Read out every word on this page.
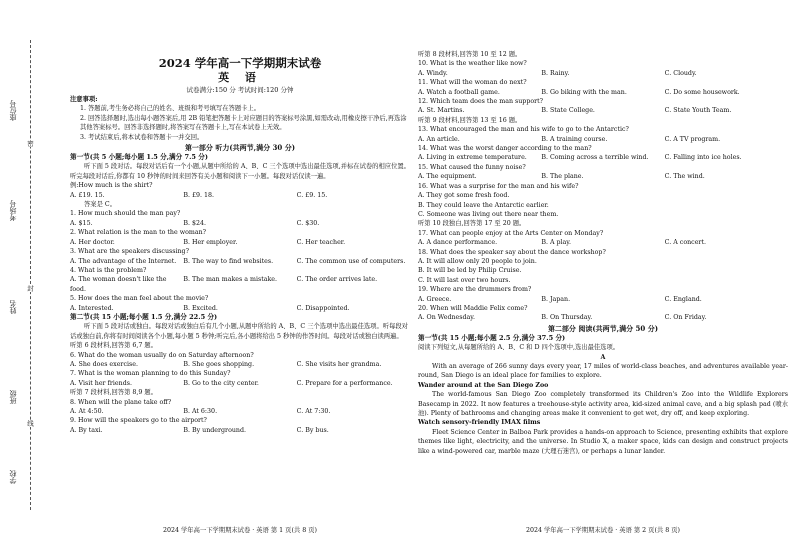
密
封
线
座位号
考场号
姓名
班级
学校
2024 学年高一下学期期末试卷
英 语
试卷满分:150 分 考试时间:120 分钟
注意事项:
1. 答题前,考生务必将自己的姓名、班级和考号填写在答题卡上。
2. 回答选择题时,选出每小题答案后,用 2B 铅笔把答题卡上对应题目的答案标号涂黑,如需改动,用橡皮擦干净后,再选涂其他答案标号。回答非选择题时,将答案写在答题卡上,写在本试卷上无效。
3. 考试结束后,将本试卷和答题卡一并交回。
第一部分 听力(共两节,满分 30 分)
第一节(共 5 小题;每小题 1.5 分,满分 7.5 分)
听下面 5 段对话。每段对话后有一个小题,从题中所给的 A、B、C 三个选项中选出最佳选项,并标在试卷的相应位置。听完每段对话后,你都有 10 秒钟的时间来回答有关小题和阅读下一小题。每段对话仅读一遍。
例:How much is the shirt?
A. £19. 15.	B. £9. 18.	C. £9. 15.
答案是 C。
1. How much should the man pay?
A. $15.	B. $24.	C. $30.
2. What relation is the man to the woman?
A. Her doctor.	B. Her employer.	C. Her teacher.
3. What are the speakers discussing?
A. The advantage of the Internet.	B. The way to find websites.	C. The common use of computers.
4. What is the problem?
A. The woman doesn't like the food.
B. The man makes a mistake.	C. The order arrives late.
5. How does the man feel about the movie?
A. Interested.	B. Excited.	C. Disappointed.
第二节(共 15 小题;每小题 1.5 分,满分 22.5 分)
听下面 5 段对话或独白。每段对话或独白后有几个小题,从题中所给的 A、B、C 三个选项中选出最佳选项。听每段对话或独白前,你将有时间阅读各个小题,每小题 5 秒钟;听完后,各小题将给出 5 秒钟的作答时间。每段对话或独白读两遍。
听第 6 段材料,回答第 6,7 题。
6. What do the woman usually do on Saturday afternoon?
A. She does exercise.	B. She goes shopping.	C. She visits her grandma.
7. What is the woman planning to do this Sunday?
A. Visit her friends.	B. Go to the city center.	C. Prepare for a performance.
听第 7 段材料,回答第 8,9 题。
8. When will the plane take off?
A. At 4:50.	B. At 6:30.	C. At 7:30.
9. How will the speakers go to the airport?
A. By taxi.	B. By underground.	C. By bus.
听第 8 段材料,回答第 10 至 12 题。
10. What is the weather like now?
A. Windy.	B. Rainy.	C. Cloudy.
11. What will the woman do next?
A. Watch a football game.	B. Go biking with the man.	C. Do some housework.
12. Which team does the man support?
A. St. Martins.	B. State College.	C. State Youth Team.
听第 9 段材料,回答第 13 至 16 题。
13. What encouraged the man and his wife to go to the Antarctic?
A. An article.	B. A training course.	C. A TV program.
14. What was the worst danger according to the man?
A. Living in extreme temperature.	B. Coming across a terrible wind.	C. Falling into ice holes.
15. What caused the funny noise?
A. The equipment.	B. The plane.	C. The wind.
16. What was a surprise for the man and his wife?
A. They got some fresh food.
B. They could leave the Antarctic earlier.
C. Someone was living out there near them.
听第 10 段独白,回答第 17 至 20 题。
17. What can people enjoy at the Arts Center on Monday?
A. A dance performance.	B. A play.	C. A concert.
18. What does the speaker say about the dance workshop?
A. It will allow only 20 people to join.
B. It will be led by Philip Cruise.
C. It will last over two hours.
19. Where are the drummers from?
A. Greece.	B. Japan.	C. England.
20. When will Maddie Felix come?
A. On Wednesday.	B. On Thursday.	C. On Friday.
第二部分 阅读(共两节,满分 50 分)
第一节(共 15 小题;每小题 2.5 分,满分 37.5 分)
阅读下列短文,从每题所给的 A、B、C 和 D 四个选项中,选出最佳选项。
A
With an average of 266 sunny days every year, 17 miles of world-class beaches, and adventures available year-round, San Diego is an ideal place for families to explore.
Wander around at the San Diego Zoo
The world-famous San Diego Zoo completely transformed its Children's Zoo into the Wildlife Explorers Basecamp in 2022. It now features a treehouse-style activity area, kid-sized animal cave, and a big splash pad (喷水池). Plenty of bathrooms and changing areas make it convenient to get wet, dry off, and keep exploring.
Watch sensory-friendly IMAX films
Fleet Science Center in Balboa Park provides a hands-on approach to Science, presenting exhibits that explore themes like light, electricity, and the universe. In Studio X, a maker space, kids can design and construct projects like a wind-powered car, marble maze (大理石迷宫), or perhaps a lunar lander.
2024 学年高一下学期期末试卷 · 英语 第 1 页(共 8 页)	2024 学年高一下学期期末试卷 · 英语 第 2 页(共 8 页)
